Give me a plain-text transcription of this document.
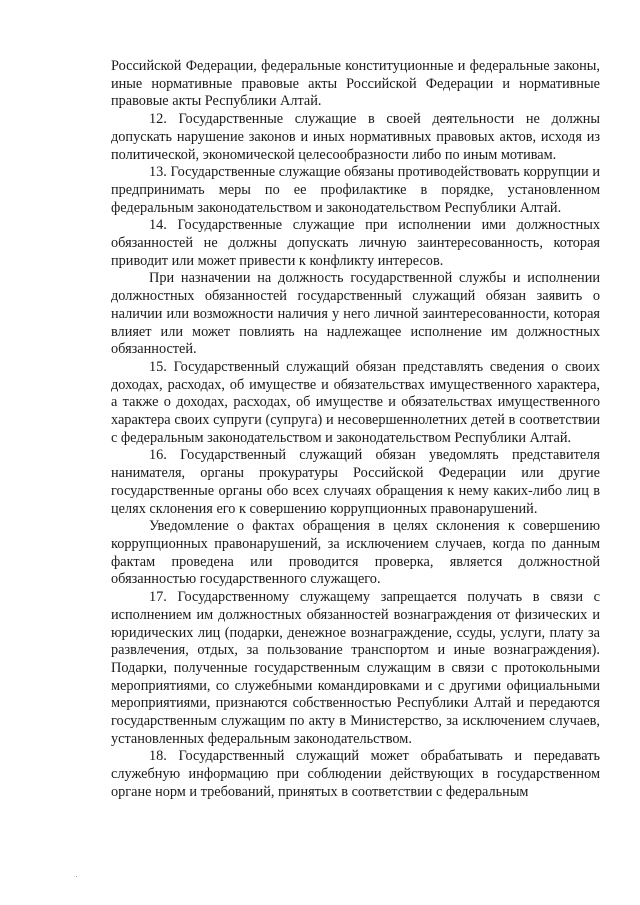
Российской Федерации, федеральные конституционные и федеральные законы, иные нормативные правовые акты Российской Федерации и нормативные правовые акты Республики Алтай.

12. Государственные служащие в своей деятельности не должны допускать нарушение законов и иных нормативных правовых актов, исходя из политической, экономической целесообразности либо по иным мотивам.

13. Государственные служащие обязаны противодействовать коррупции и предпринимать меры по ее профилактике в порядке, установленном федеральным законодательством и законодательством Республики Алтай.

14. Государственные служащие при исполнении ими должностных обязанностей не должны допускать личную заинтересованность, которая приводит или может привести к конфликту интересов.

При назначении на должность государственной службы и исполнении должностных обязанностей государственный служащий обязан заявить о наличии или возможности наличия у него личной заинтересованности, которая влияет или может повлиять на надлежащее исполнение им должностных обязанностей.

15. Государственный служащий обязан представлять сведения о своих доходах, расходах, об имуществе и обязательствах имущественного характера, а также о доходах, расходах, об имуществе и обязательствах имущественного характера своих супруги (супруга) и несовершеннолетних детей в соответствии с федеральным законодательством и законодательством Республики Алтай.

16. Государственный служащий обязан уведомлять представителя нанимателя, органы прокуратуры Российской Федерации или другие государственные органы обо всех случаях обращения к нему каких-либо лиц в целях склонения его к совершению коррупционных правонарушений.

Уведомление о фактах обращения в целях склонения к совершению коррупционных правонарушений, за исключением случаев, когда по данным фактам проведена или проводится проверка, является должностной обязанностью государственного служащего.

17. Государственному служащему запрещается получать в связи с исполнением им должностных обязанностей вознаграждения от физических и юридических лиц (подарки, денежное вознаграждение, ссуды, услуги, плату за развлечения, отдых, за пользование транспортом и иные вознаграждения). Подарки, полученные государственным служащим в связи с протокольными мероприятиями, со служебными командировками и с другими официальными мероприятиями, признаются собственностью Республики Алтай и передаются государственным служащим по акту в Министерство, за исключением случаев, установленных федеральным законодательством.

18. Государственный служащий может обрабатывать и передавать служебную информацию при соблюдении действующих в государственном органе норм и требований, принятых в соответствии с федеральным
